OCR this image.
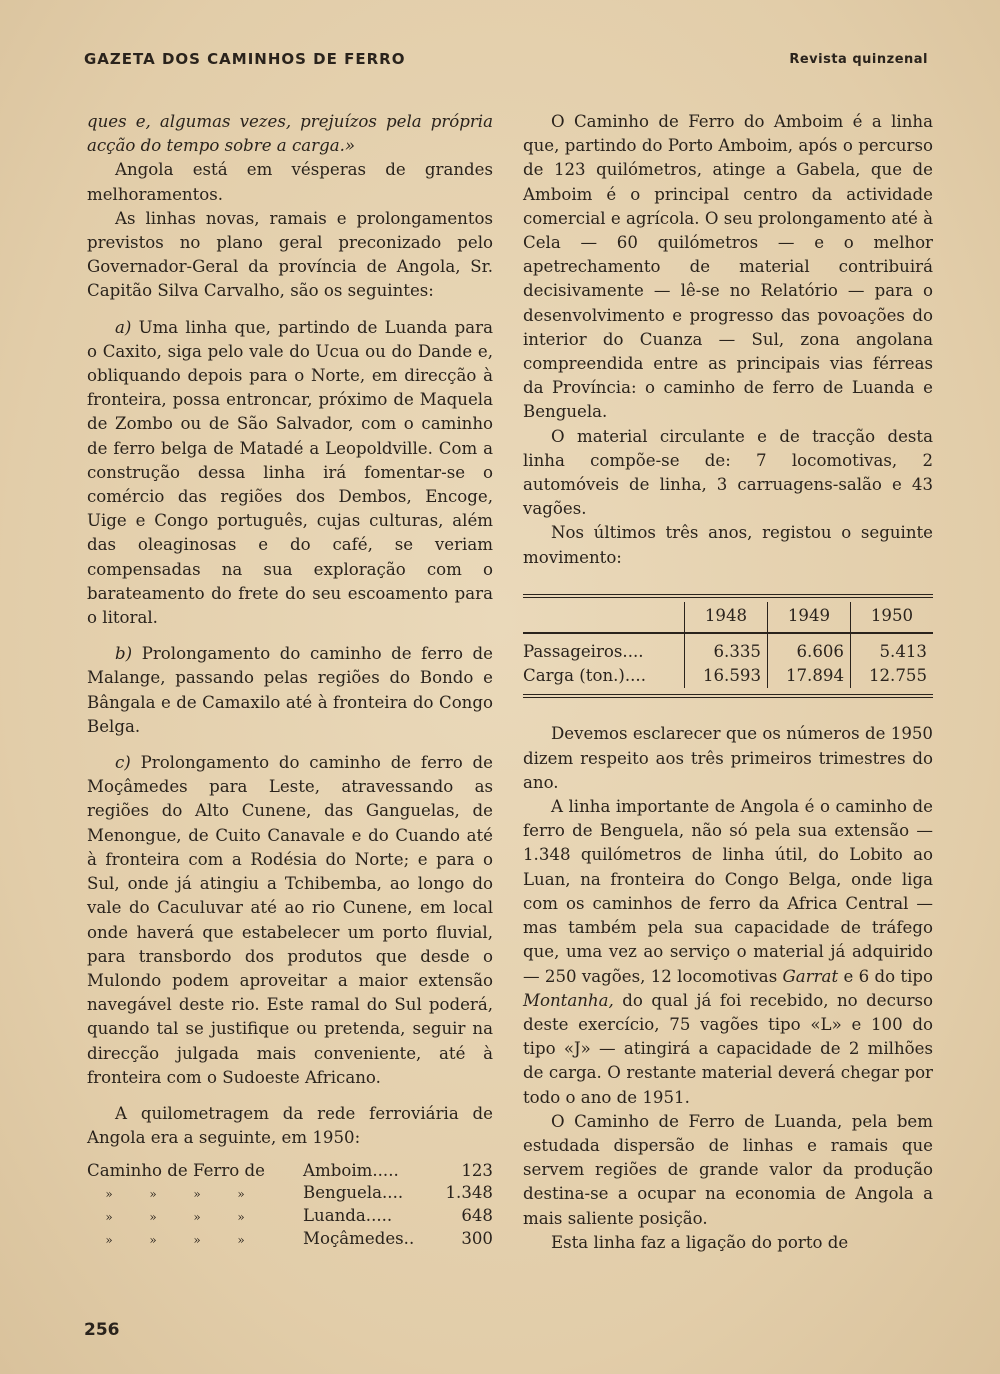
GAZETA DOS CAMINHOS DE FERRO	Revista quinzenal

ques e, algumas vezes, prejuízos pela própria acção do tempo sobre a carga.»

Angola está em vésperas de grandes melhoramentos.

As linhas novas, ramais e prolongamentos previstos no plano geral preconizado pelo Governador-Geral da província de Angola, Sr. Capitão Silva Carvalho, são os seguintes:

a) Uma linha que, partindo de Luanda para o Caxito, siga pelo vale do Ucua ou do Dande e, obliquando depois para o Norte, em direcção à fronteira, possa entroncar, próximo de Maquela de Zombo ou de São Salvador, com o caminho de ferro belga de Matadé a Leopoldville. Com a construção dessa linha irá fomentar-se o comércio das regiões dos Dembos, Encoge, Uige e Congo português, cujas culturas, além das oleaginosas e do café, se veriam compensadas na sua exploração com o barateamento do frete do seu escoamento para o litoral.

b) Prolongamento do caminho de ferro de Malange, passando pelas regiões do Bondo e Bângala e de Camaxilo até à fronteira do Congo Belga.

c) Prolongamento do caminho de ferro de Moçâmedes para Leste, atravessando as regiões do Alto Cunene, das Ganguelas, de Menongue, de Cuito Canavale e do Cuando até à fronteira com a Rodésia do Norte; e para o Sul, onde já atingiu a Tchibemba, ao longo do vale do Caculuvar até ao rio Cunene, em local onde haverá que estabelecer um porto fluvial, para transbordo dos produtos que desde o Mulondo podem aproveitar a maior extensão navegável deste rio. Este ramal do Sul poderá, quando tal se justifique ou pretenda, seguir na direcção julgada mais conveniente, até à fronteira com o Sudoeste Africano.

A quilometragem da rede ferroviária de Angola era a seguinte, em 1950:

Caminho de Ferro de	Amboim.....	123
»	»	»	»	Benguela....	1.348
»	»	»	»	Luanda.....	648
»	»	»	»	Moçâmedes..	300

O Caminho de Ferro do Amboim é a linha que, partindo do Porto Amboim, após o percurso de 123 quilómetros, atinge a Gabela, que de Amboim é o principal centro da actividade comercial e agrícola. O seu prolongamento até à Cela — 60 quilómetros — e o melhor apetrechamento de material contribuirá decisivamente — lê-se no Relatório — para o desenvolvimento e progresso das povoações do interior do Cuanza — Sul, zona angolana compreendida entre as principais vias férreas da Província: o caminho de ferro de Luanda e Benguela.

O material circulante e de tracção desta linha compõe-se de: 7 locomotivas, 2 automóveis de linha, 3 carruagens-salão e 43 vagões.

Nos últimos três anos, registou o seguinte movimento:

	1948	1949	1950
Passageiros....	6.335	6.606	5.413
Carga (ton.)....	16.593	17.894	12.755

Devemos esclarecer que os números de 1950 dizem respeito aos três primeiros trimestres do ano.

A linha importante de Angola é o caminho de ferro de Benguela, não só pela sua extensão — 1.348 quilómetros de linha útil, do Lobito ao Luan, na fronteira do Congo Belga, onde liga com os caminhos de ferro da Africa Central — mas também pela sua capacidade de tráfego que, uma vez ao serviço o material já adquirido — 250 vagões, 12 locomotivas Garrat e 6 do tipo Montanha, do qual já foi recebido, no decurso deste exercício, 75 vagões tipo «L» e 100 do tipo «J» — atingirá a capacidade de 2 milhões de carga. O restante material deverá chegar por todo o ano de 1951.

O Caminho de Ferro de Luanda, pela bem estudada dispersão de linhas e ramais que servem regiões de grande valor da produção destina-se a ocupar na economia de Angola a mais saliente posição.

Esta linha faz a ligação do porto de

256
